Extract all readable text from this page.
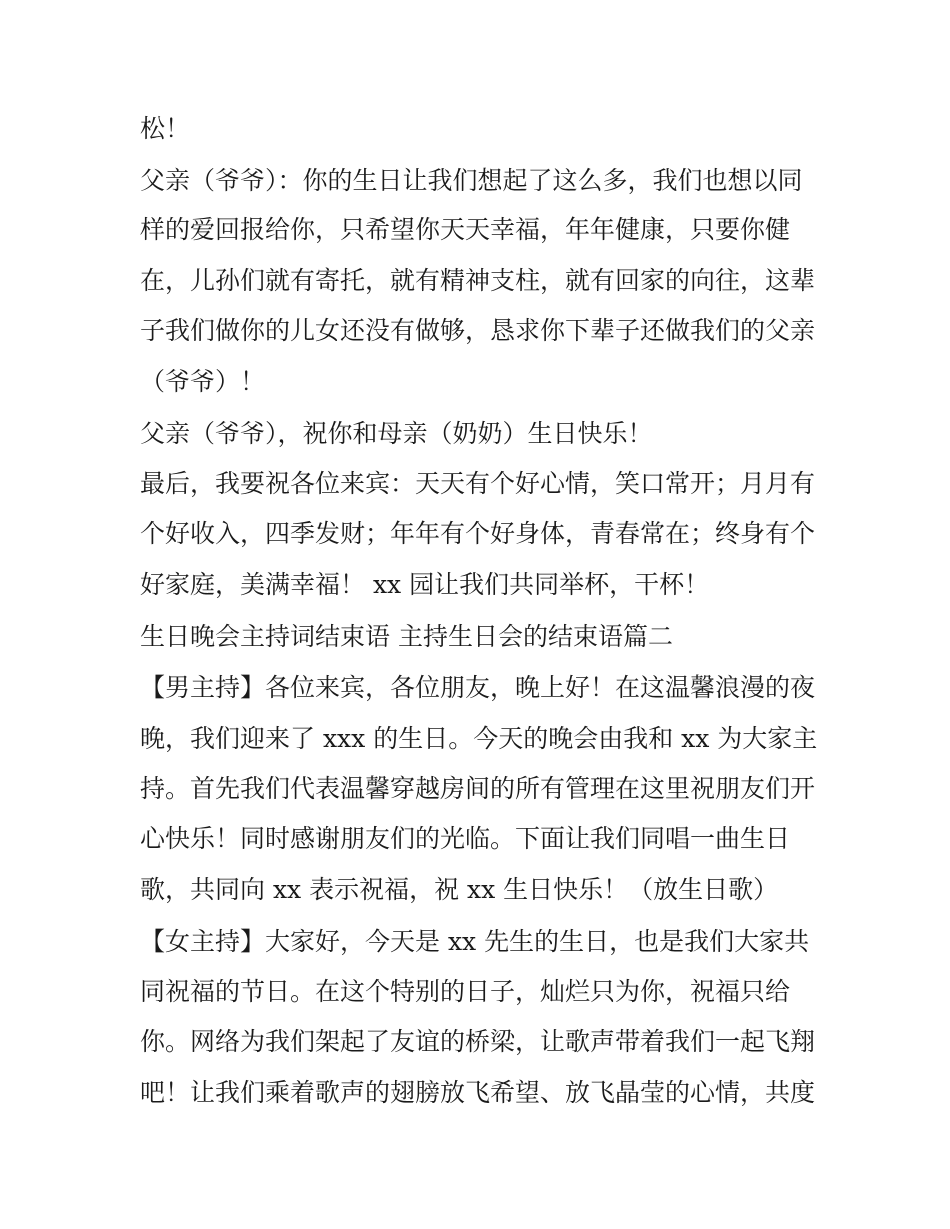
松！
父亲（爷爷）：你的生日让我们想起了这么多，我们也想以同
样的爱回报给你，只希望你天天幸福，年年健康，只要你健
在，儿孙们就有寄托，就有精神支柱，就有回家的向往，这辈
子我们做你的儿女还没有做够，恳求你下辈子还做我们的父亲
（爷爷）！
父亲（爷爷），祝你和母亲（奶奶）生日快乐！
最后，我要祝各位来宾：天天有个好心情，笑口常开；月月有
个好收入，四季发财；年年有个好身体，青春常在；终身有个
好家庭，美满幸福！ xx 园让我们共同举杯，干杯！
生日晚会主持词结束语 主持生日会的结束语篇二
【男主持】各位来宾，各位朋友，晚上好！在这温馨浪漫的夜
晚，我们迎来了 xxx 的生日。今天的晚会由我和 xx 为大家主
持。首先我们代表温馨穿越房间的所有管理在这里祝朋友们开
心快乐！同时感谢朋友们的光临。下面让我们同唱一曲生日
歌，共同向 xx 表示祝福，祝 xx 生日快乐！（放生日歌）
【女主持】大家好，今天是 xx 先生的生日，也是我们大家共
同祝福的节日。在这个特别的日子，灿烂只为你，祝福只给
你。网络为我们架起了友谊的桥梁，让歌声带着我们一起飞翔
吧！让我们乘着歌声的翅膀放飞希望、放飞晶莹的心情，共度
